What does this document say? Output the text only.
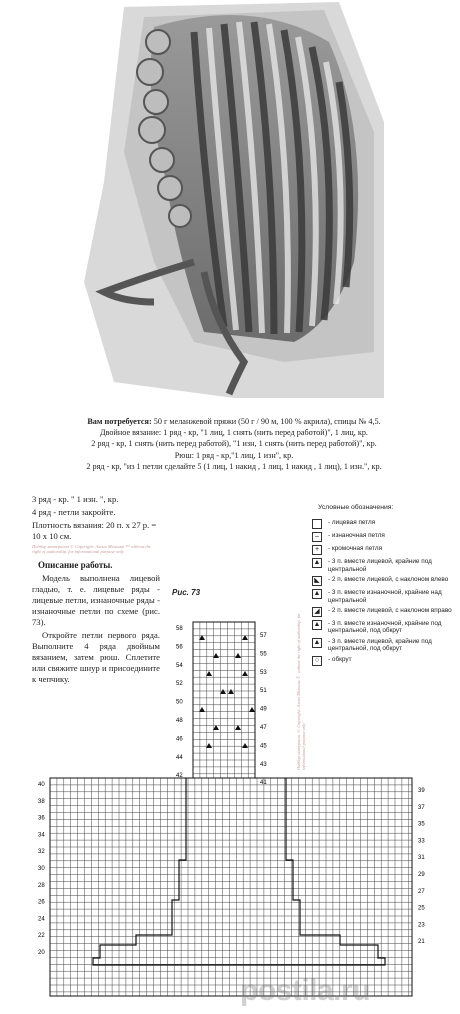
Вам потребуется: 50 г меланжевой пряжи (50 г / 90 м, 100 % акрила), спицы № 4,5.
Двойное вязание: 1 ряд - кр, "1 лиц, 1 снять (нить перед работой)", 1 лиц, кр.
2 ряд - кр, 1 снять (нить перед работой), "1 изн, 1 снять (нить перед работой)", кр.
Рюш: 1 ряд - кр,"1 лиц, 1 изн", кр.
2 ряд - кр, "из 1 петли сделайте 5 (1 лиц, 1 накид , 1 лиц, 1 накид , 1 лиц), 1 изн.", кр.

3 ряд - кр. " 1 изн. ", кр.

4 ряд - петли закройте.

Плотность вязания: 20 п. х 27 р. = 10 х 10 см.

Подбор материала © Copyright: Алена Мельник ™ without the right of authorship. for informational purpose only
Описание работы.

Модель выполнена лицевой гладью, т. е. лицевые ряды - лицевые петли, изнаночные ряды - изнаночные петли по схеме (рис. 73).

Откройте петли первого ряда. Выполните 4 ряда двойным вязанием, затем рюш. Сплетите или свяжите шнур и присоедините к чепчику.

Условные обозначения:
- лицевая петля
–	- изнаночная петля
+	- кромочная петля
▲ - 3 п. вместе лицевой, крайние под центральной
◣	- 2 п. вместе лицевой, с наклоном влево
▲ - 3 п. вместе изнаночной, крайние над центральной
◢	- 2 п. вместе лицевой, с наклоном вправо
▲ - 3 п. вместе изнаночной, крайние под центральной, под обкрут
▲ - 3 п. вместе лицевой, крайние под центральной, под обкрут
○	- обкрут
Рис. 73
Подбор материала © Copyright: Алена Мельник ™ without the right of authorship. for informational purpose only
58
56
54
52
50
48
46
44
42
57
55
53
51
49
47
45
43
41
40
38
36
34
32
30
28
26
24
22
20
39
37
35
33
31
29
27
25
23
21
postila.ru
